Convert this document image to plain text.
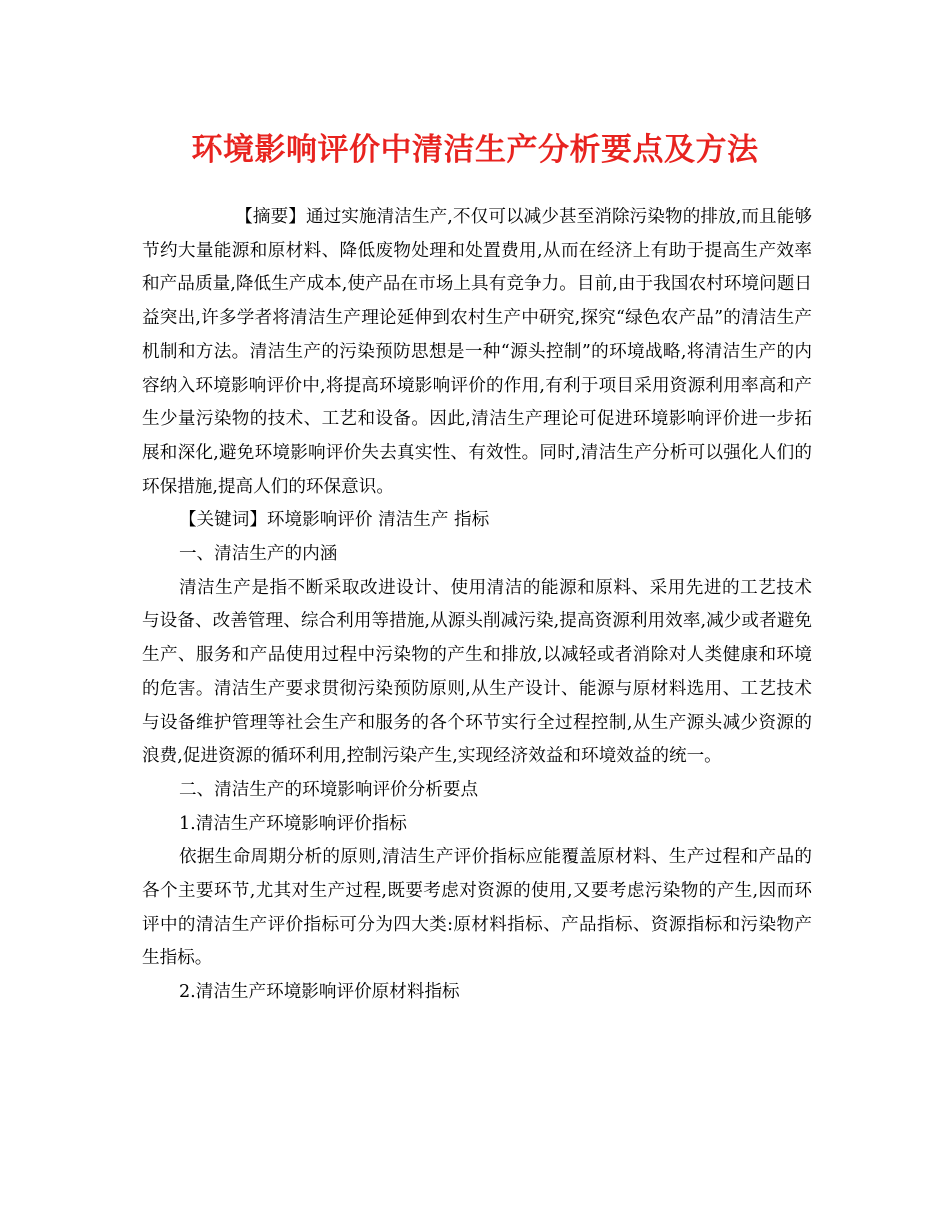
环境影响评价中清洁生产分析要点及方法

【摘要】通过实施清洁生产,不仅可以减少甚至消除污染物的排放,而且能够节约大量能源和原材料、降低废物处理和处置费用,从而在经济上有助于提高生产效率和产品质量,降低生产成本,使产品在市场上具有竞争力。目前,由于我国农村环境问题日益突出,许多学者将清洁生产理论延伸到农村生产中研究,探究“绿色农产品”的清洁生产机制和方法。清洁生产的污染预防思想是一种“源头控制”的环境战略,将清洁生产的内容纳入环境影响评价中,将提高环境影响评价的作用,有利于项目采用资源利用率高和产生少量污染物的技术、工艺和设备。因此,清洁生产理论可促进环境影响评价进一步拓展和深化,避免环境影响评价失去真实性、有效性。同时,清洁生产分析可以强化人们的环保措施,提高人们的环保意识。

【关键词】环境影响评价 清洁生产 指标

一、清洁生产的内涵

清洁生产是指不断采取改进设计、使用清洁的能源和原料、采用先进的工艺技术与设备、改善管理、综合利用等措施,从源头削减污染,提高资源利用效率,减少或者避免生产、服务和产品使用过程中污染物的产生和排放,以减轻或者消除对人类健康和环境的危害。清洁生产要求贯彻污染预防原则,从生产设计、能源与原材料选用、工艺技术与设备维护管理等社会生产和服务的各个环节实行全过程控制,从生产源头减少资源的浪费,促进资源的循环利用,控制污染产生,实现经济效益和环境效益的统一。

二、清洁生产的环境影响评价分析要点

1.清洁生产环境影响评价指标

依据生命周期分析的原则,清洁生产评价指标应能覆盖原材料、生产过程和产品的各个主要环节,尤其对生产过程,既要考虑对资源的使用,又要考虑污染物的产生,因而环评中的清洁生产评价指标可分为四大类:原材料指标、产品指标、资源指标和污染物产生指标。

2.清洁生产环境影响评价原材料指标
